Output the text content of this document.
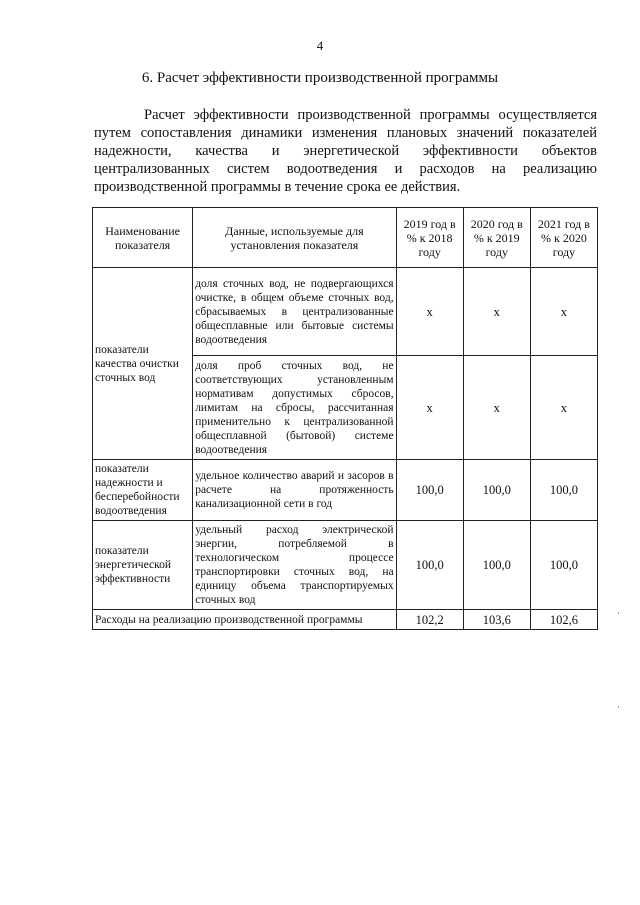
4
6. Расчет эффективности производственной программы

Расчет эффективности производственной программы осуществляется путем сопоставления динамики изменения плановых значений показателей надежности, качества и энергетической эффективности объектов централизованных систем водоотведения и расходов на реализацию производственной программы в течение срока ее действия.

Наименование показателя	Данные, используемые для установления показателя	2019 год в % к 2018 году	2020 год в % к 2019 году	2021 год в % к 2020 году
показатели качества очистки сточных вод	доля сточных вод, не подвергающихся очистке, в общем объеме сточных вод, сбрасываемых в централизованные общесплавные или бытовые системы водоотведения	х	х	х
	доля проб сточных вод, не соответствующих установленным нормативам допустимых сбросов, лимитам на сбросы, рассчитанная применительно к централизованной общесплавной (бытовой) системе водоотведения	х	х	х
показатели надежности и бесперебойности водоотведения	удельное количество аварий и засоров в расчете на протяженность канализационной сети в год	100,0	100,0	100,0
показатели энергетической эффективности	удельный расход электрической энергии, потребляемой в технологическом процессе транспортировки сточных вод, на единицу объема транспортируемых сточных вод	100,0	100,0	100,0
Расходы на реализацию производственной программы		102,2	103,6	102,6
